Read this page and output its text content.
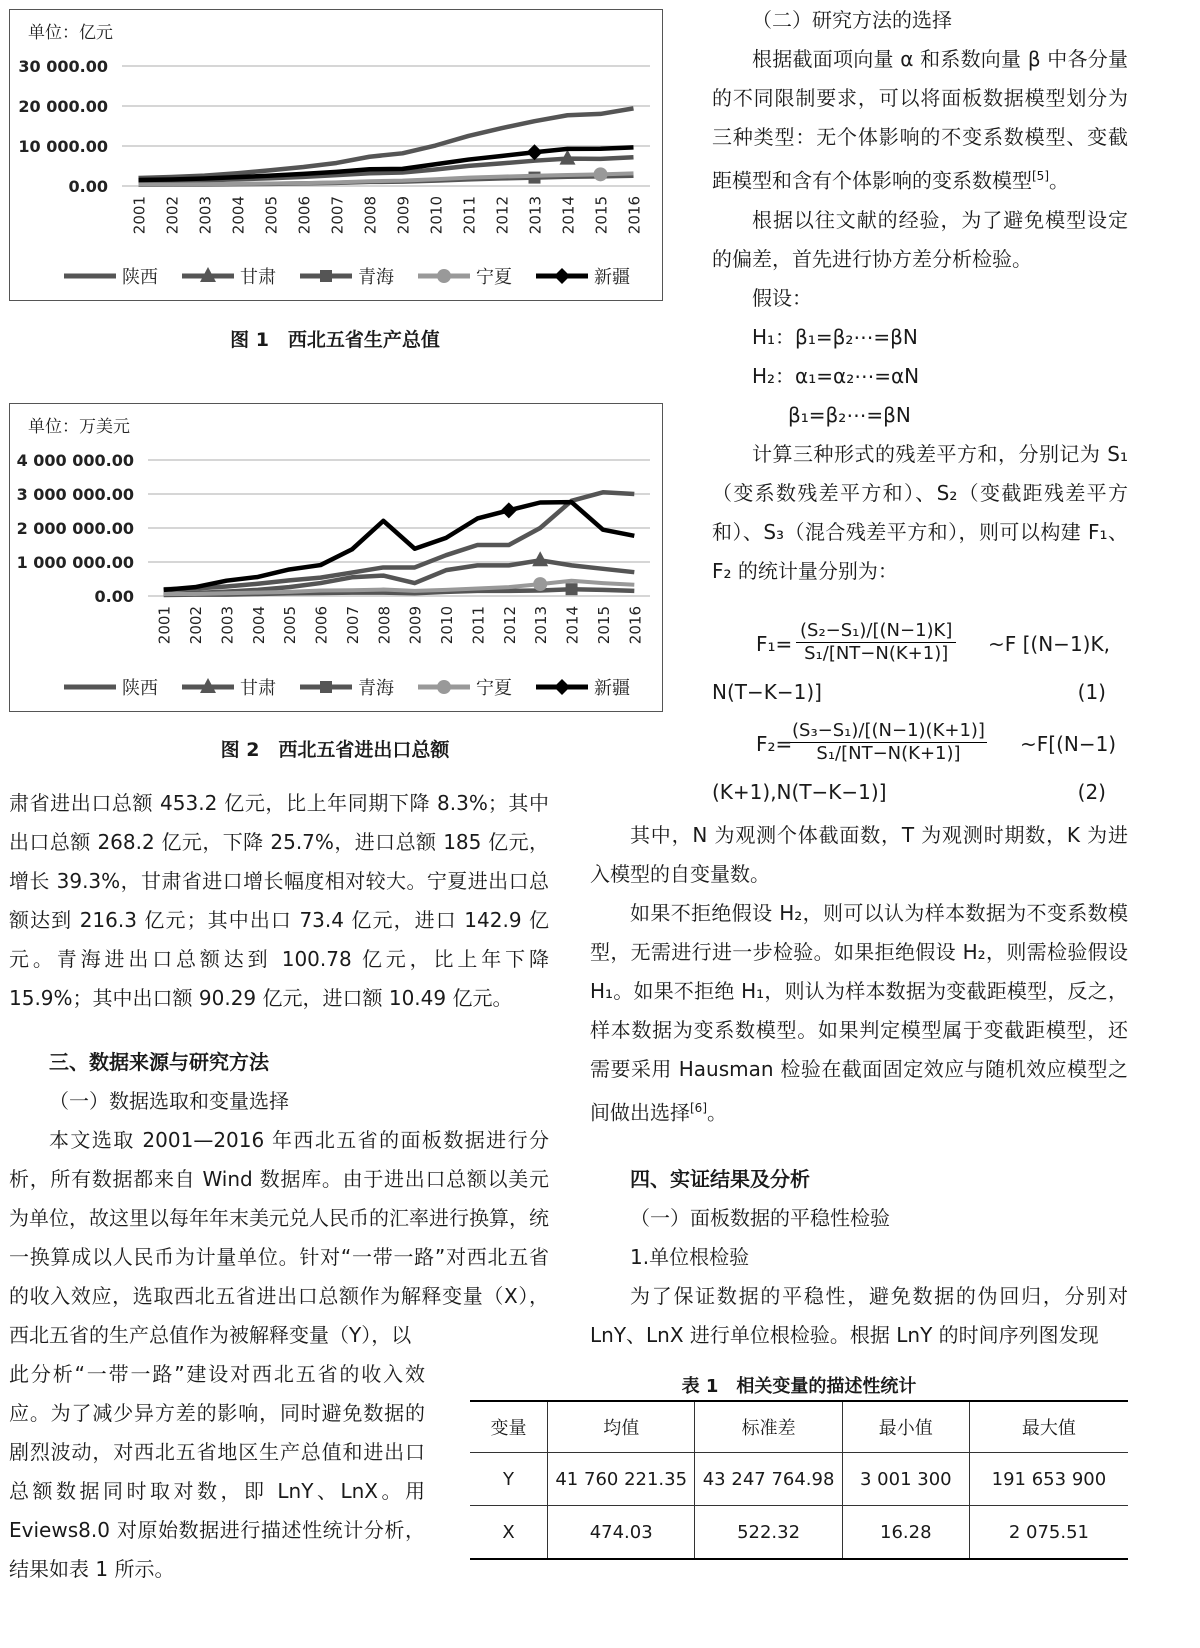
单位：亿元
30 000.00
20 000.00
10 000.00
0.00
2001 2002 2003 2004 2005 2006 2007 2008 2009 2010 2011 2012 2013 2014 2015 2016
陕西	甘肃	青海	宁夏	新疆
图 1　西北五省生产总值
单位：万美元
4 000 000.00
3 000 000.00
2 000 000.00
1 000 000.00
0.00
2001 2002 2003 2004 2005 2006 2007 2008 2009 2010 2011 2012 2013 2014 2015 2016
陕西	甘肃	青海	宁夏	新疆
图 2　西北五省进出口总额

肃省进出口总额 453.2 亿元，比上年同期下降 8.3%；其中出口总额 268.2 亿元，下降 25.7%，进口总额 185 亿元，增长 39.3%，甘肃省进口增长幅度相对较大。宁夏进出口总额达到 216.3 亿元；其中出口 73.4 亿元，进口 142.9 亿元。青海进出口总额达到 100.78 亿元，比上年下降 15.9%；其中出口额 90.29 亿元，进口额 10.49 亿元。

三、数据来源与研究方法

（一）数据选取和变量选择

本文选取 2001—2016 年西北五省的面板数据进行分析，所有数据都来自 Wind 数据库。由于进出口总额以美元为单位，故这里以每年年末美元兑人民币的汇率进行换算，统一换算成以人民币为计量单位。针对“一带一路”对西北五省的收入效应，选取西北五省进出口总额作为解释变量（X），西北五省的生产总值作为被解释变量（Y），以

此分析“一带一路”建设对西北五省的收入效应。为了减少异方差的影响，同时避免数据的剧烈波动，对西北五省地区生产总值和进出口总额数据同时取对数，即 LnY、LnX。用 Eviews8.0 对原始数据进行描述性统计分析，结果如表 1 所示。

（二）研究方法的选择

根据截面项向量 α 和系数向量 β 中各分量的不同限制要求，可以将面板数据模型划分为三种类型：无个体影响的不变系数模型、变截距模型和含有个体影响的变系数模型[5]。

根据以往文献的经验，为了避免模型设定的偏差，首先进行协方差分析检验。

假设：

H₁：β₁=β₂⋯=βN

H₂：α₁=α₂⋯=αN

β₁=β₂⋯=βN

计算三种形式的残差平方和，分别记为 S₁（变系数残差平方和）、S₂（变截距残差平方和）、S₃（混合残差平方和），则可以构建 F₁、F₂ 的统计量分别为：

$F_1= \frac{\text{(S₂−S₁)/[(N−1)K]}}{\text{S₁/[NT−N(K+1)]}}$ ~F [(N−1)K,
N(T−K−1)]	(1)
F₂=
$\frac{\text{(S₃−S₁)/[(N−1)(K+1)]}}{\text{S₁/[NT−N(K+1)]}}$ ~F[(N−1)
(K+1),N(T−K−1)]	(2)

其中，N 为观测个体截面数，T 为观测时期数，K 为进入模型的自变量数。

如果不拒绝假设 H₂，则可以认为样本数据为不变系数模型，无需进行进一步检验。如果拒绝假设 H₂，则需检验假设 H₁。如果不拒绝 H₁，则认为样本数据为变截距模型，反之，样本数据为变系数模型。如果判定模型属于变截距模型，还需要采用 Hausman 检验在截面固定效应与随机效应模型之间做出选择[6]。

四、实证结果及分析

（一）面板数据的平稳性检验

1.单位根检验

为了保证数据的平稳性，避免数据的伪回归，分别对 LnY、LnX 进行单位根检验。根据 LnY 的时间序列图发现

表 1　相关变量的描述性统计
变量	均值	标准差	最小值	最大值
Y	41 760 221.35	43 247 764.98	3 001 300	191 653 900
X	474.03	522.32	16.28	2 075.51
